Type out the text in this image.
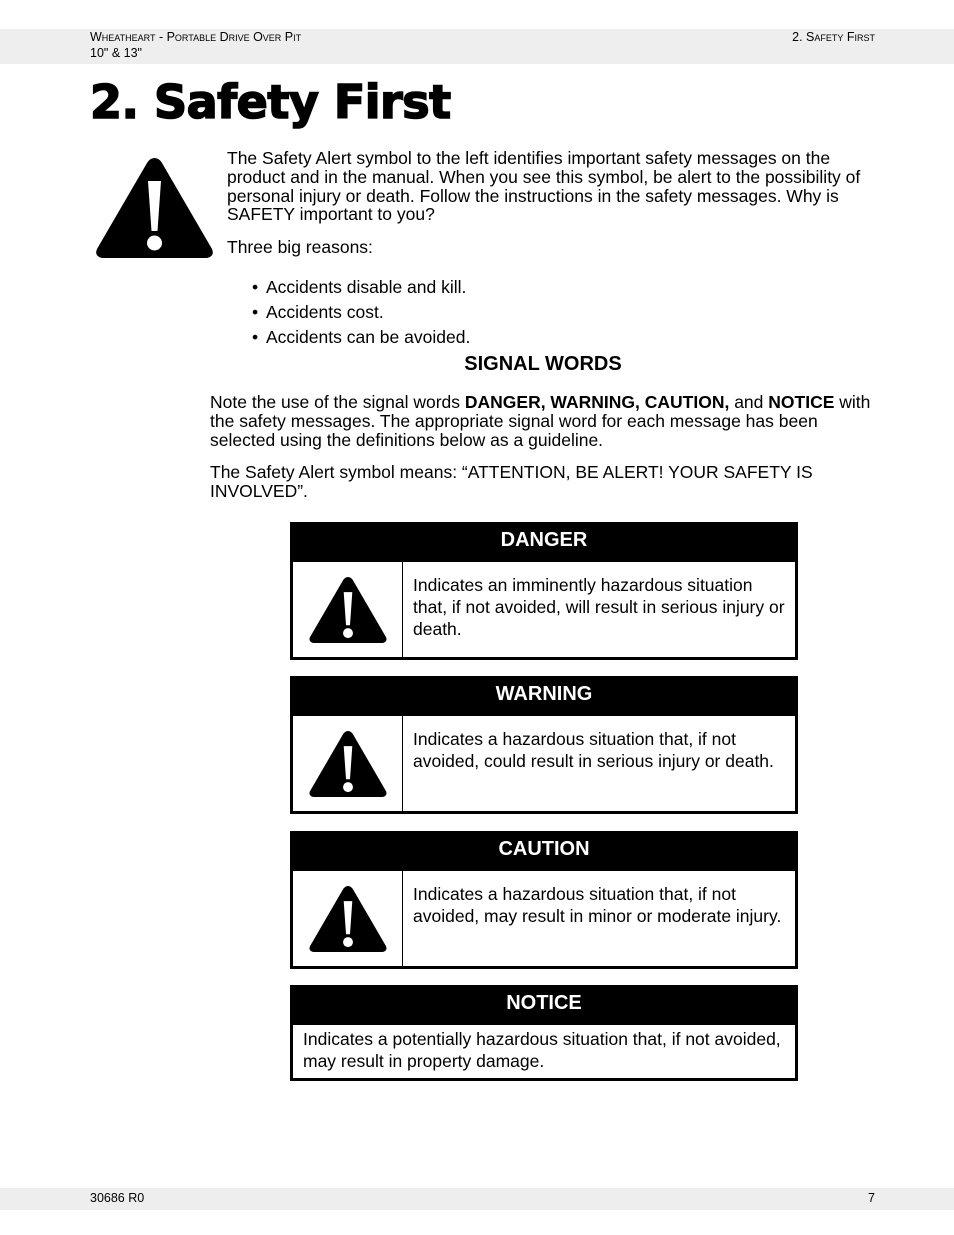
Wheatheart - Portable Drive Over Pit
10" & 13"
2. Safety First
2. Safety First

The Safety Alert symbol to the left identifies important safety messages on the product and in the manual. When you see this symbol, be alert to the possibility of personal injury or death. Follow the instructions in the safety messages. Why is SAFETY important to you?

Three big reasons:
• Accidents disable and kill.
• Accidents cost.
• Accidents can be avoided.
SIGNAL WORDS
Note the use of the signal words DANGER, WARNING, CAUTION, and NOTICE with the safety messages. The appropriate signal word for each message has been selected using the definitions below as a guideline.
The Safety Alert symbol means: “ATTENTION, BE ALERT! YOUR SAFETY IS INVOLVED”.
DANGER
Indicates an imminently hazardous situation that, if not avoided, will result in serious injury or death.
WARNING
Indicates a hazardous situation that, if not avoided, could result in serious injury or death.
CAUTION
Indicates a hazardous situation that, if not avoided, may result in minor or moderate injury.
NOTICE
Indicates a potentially hazardous situation that, if not avoided, may result in property damage.
30686 R0	7
